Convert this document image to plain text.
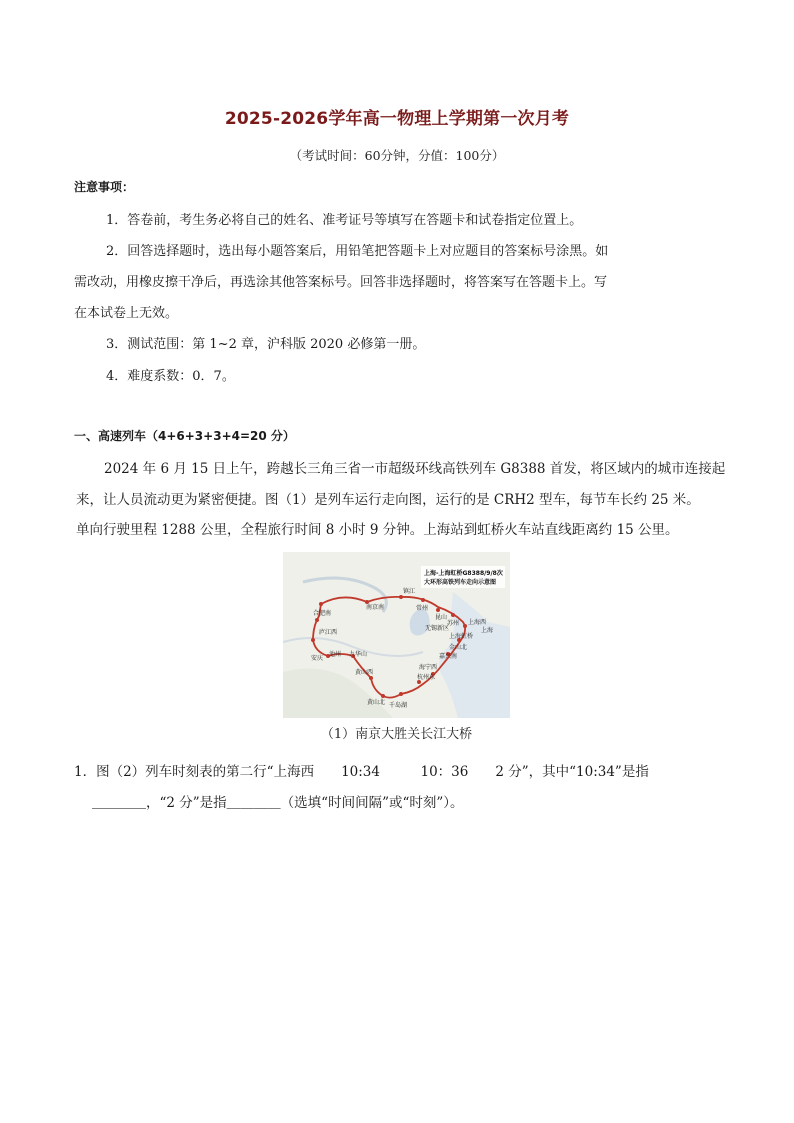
2025-2026学年高一物理上学期第一次月考
（考试时间：60分钟，分值：100分）
注意事项：
1．答卷前，考生务必将自己的姓名、准考证号等填写在答题卡和试卷指定位置上。
2．回答选择题时，选出每小题答案后，用铅笔把答题卡上对应题目的答案标号涂黑。如
需改动，用橡皮擦干净后，再选涂其他答案标号。回答非选择题时，将答案写在答题卡上。写
在本试卷上无效。
3．测试范围：第 1~2 章，沪科版 2020 必修第一册。
4．难度系数：0．7。
一、高速列车（4+6+3+3+4=20 分）
2024 年 6 月 15 日上午，跨越长三角三省一市超级环线高铁列车 G8388 首发，将区域内的城市连接起
来，让人员流动更为紧密便捷。图（1）是列车运行走向图，运行的是 CRH2 型车，每节车长约 25 米。
单向行驶里程 1288 公里，全程旅行时间 8 小时 9 分钟。上海站到虹桥火车站直线距离约 15 公里。
上海-上海虹桥G8388/9/8次
大环形高铁列车走向示意图
镇江
合肥南
南京南	常州
昆山
苏州 上海西
上海
无锡新区
上海虹桥
金山北
庐江西
安庆
池州 九华山	嘉兴南
海宁西
黄山西
杭州东
黄山北 千岛湖
（1）南京大胜关长江大桥
1．图（2）列车时刻表的第二行“上海西　　10:34　　　10：36　　2 分”，其中“10:34”是指
＿＿＿＿，“2 分”是指＿＿＿＿（选填“时间间隔”或“时刻”）。
